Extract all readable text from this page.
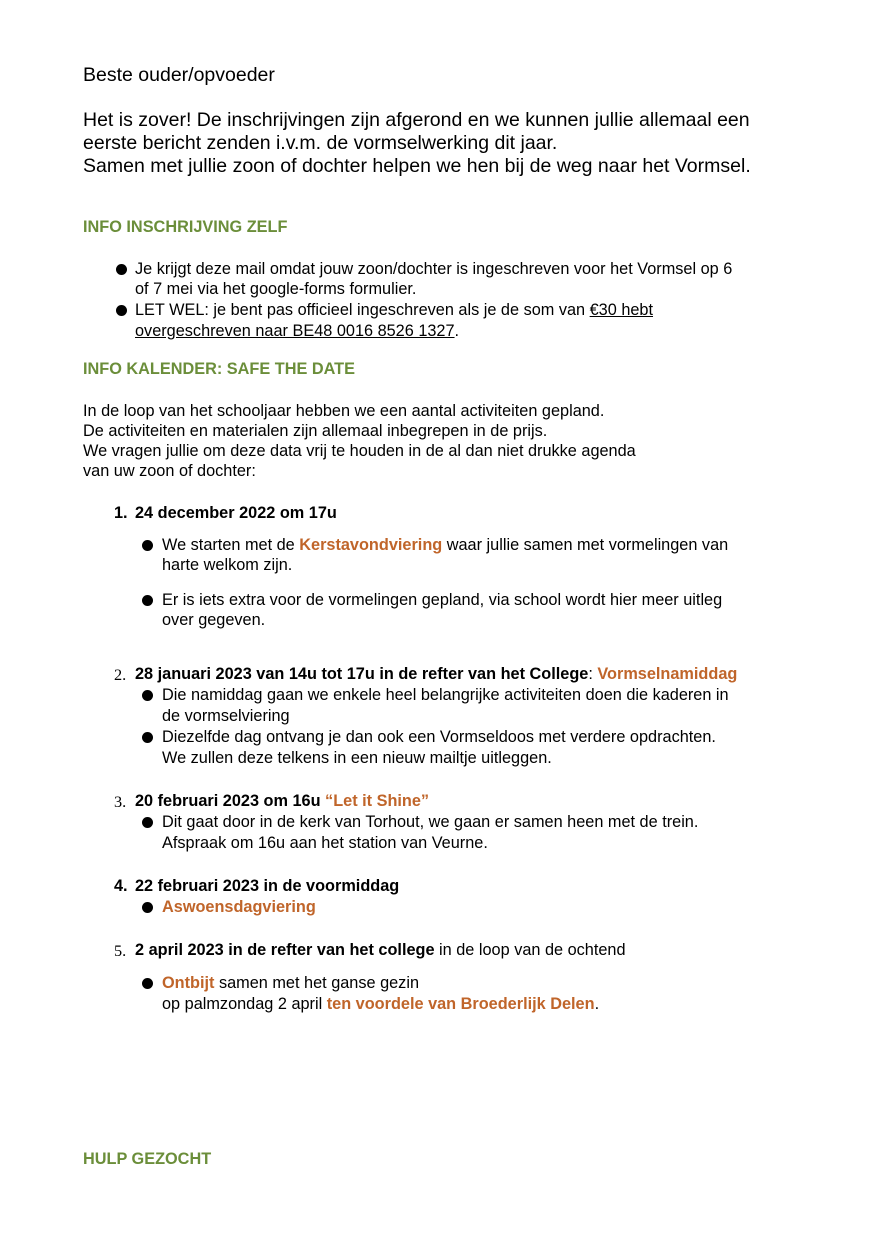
Beste ouder/opvoeder

Het is zover! De inschrijvingen zijn afgerond en we kunnen jullie allemaal een

eerste bericht zenden i.v.m. de vormselwerking dit jaar.

Samen met jullie zoon of dochter helpen we hen bij de weg naar het Vormsel.

INFO INSCHRIJVING ZELF

Je krijgt deze mail omdat jouw zoon/dochter is ingeschreven voor het Vormsel op 6

of 7 mei via het google-forms formulier.

LET WEL: je bent pas officieel ingeschreven als je de som van €30 hebt

overgeschreven naar BE48 0016 8526 1327.

INFO KALENDER: SAFE THE DATE

In de loop van het schooljaar hebben we een aantal activiteiten gepland.

De activiteiten en materialen zijn allemaal inbegrepen in de prijs.

We vragen jullie om deze data vrij te houden in de al dan niet drukke agenda

van uw zoon of dochter:

1. 24 december 2022 om 17u

We starten met de Kerstavondviering waar jullie samen met vormelingen van

harte welkom zijn.

Er is iets extra voor de vormelingen gepland, via school wordt hier meer uitleg

over gegeven.

2. 28 januari 2023 van 14u tot 17u in de refter van het College: Vormselnamiddag

Die namiddag gaan we enkele heel belangrijke activiteiten doen die kaderen in

de vormselviering

Diezelfde dag ontvang je dan ook een Vormseldoos met verdere opdrachten.

We zullen deze telkens in een nieuw mailtje uitleggen.

3. 20 februari 2023 om 16u “Let it Shine”

Dit gaat door in de kerk van Torhout, we gaan er samen heen met de trein.

Afspraak om 16u aan het station van Veurne.

4. 22 februari 2023 in de voormiddag

Aswoensdagviering

5. 2 april 2023 in de refter van het college in de loop van de ochtend

Ontbijt samen met het ganse gezin

op palmzondag 2 april ten voordele van Broederlijk Delen.

HULP GEZOCHT
